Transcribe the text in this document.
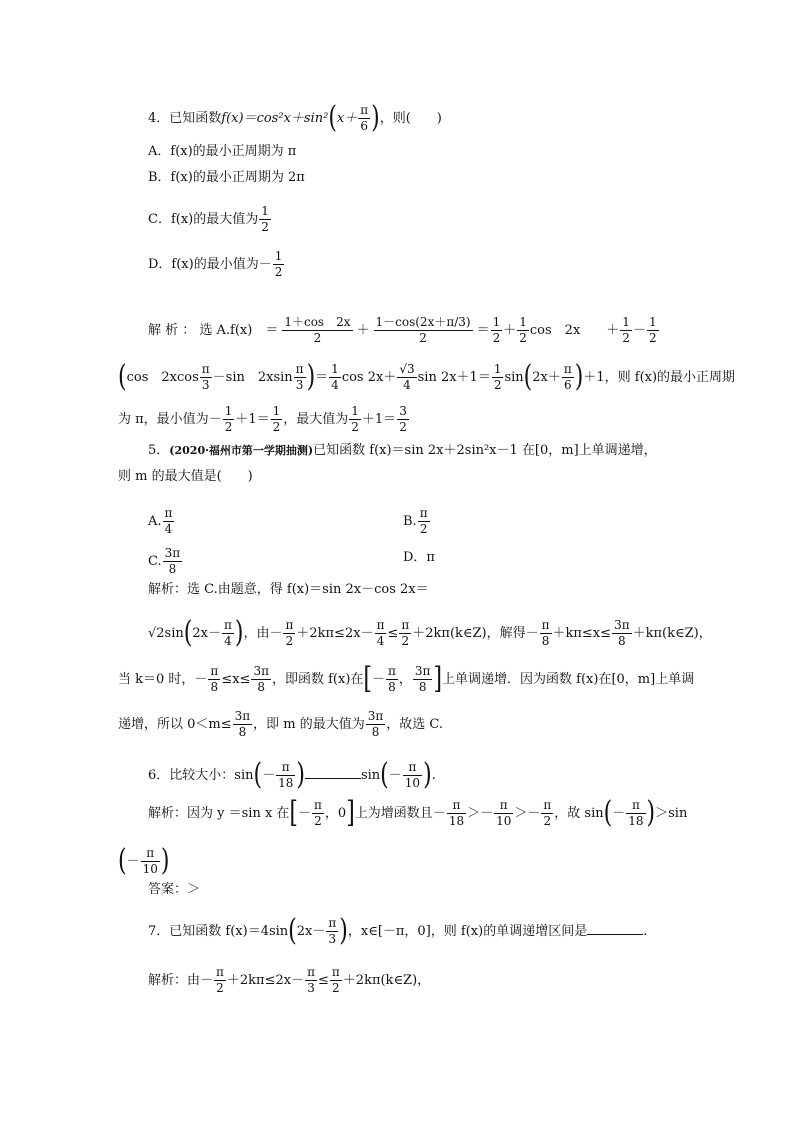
4．已知函数$f(x)=\cos^2x+\sin^2(x+ \frac{\pi}{6}$ )，则(　　)
A．f(x)的最小正周期为 π
B．f(x)的最小正周期为 2π
C．f(x)的最大值为 $\frac{1}{2}$
D．f(x)的最小值为－ $\frac{1}{2}$
解 析 ： 选 A.f(x)　＝ $\frac{1+\cos 2x}{2} + \frac{1-\cos(2x+\pi/3)}{2} = \frac{1}{2} + \frac{1}{2}$ cos　2x　　＋ $\frac{1}{2} - \frac{1}{2}$
(cos　$2xcos \frac{\pi}{3} -\sin$　$2xsin \frac{\pi}{3}$ )＝ $\frac{1}{4}$ $\cos 2x+ \frac{√3}{4}$ $\sin 2x+1= \frac{1}{2} \sin(2x+ \frac{\pi}{6} )+1$，则 f(x)的最小正周期
为 π，最小值为－ $\frac{1}{2} +1= \frac{1}{2}$ ，最大值为 $\frac{1}{2} +1= \frac{3}{2}$
5．(2020·福州市第一学期抽测)已知函数 f(x)＝sin 2x＋2sin²x－1 在[0，m]上单调递增，
则 m 的最大值是(　　)
A. $\frac{\pi}{4}$	B. $\frac{\pi}{2}$
C. $\frac{3\pi}{8}$	D．π
解析：选 C.由题意，得 f(x)＝sin 2x－cos 2x＝
$√2\sin(2x- \frac{\pi}{4}$ )，由－ $\frac{\pi}{2} +2k\pi\le 2x- \frac{\pi}{4} \le \frac{\pi}{2}$ ＋2kπ(k∈Z)，解得－ $\frac{\pi}{8} +k\pi\le x\le \frac{3\pi}{8}$ ＋kπ(k∈Z)，
当 k＝0 时，－ $\frac{\pi}{8} \le x\le \frac{3\pi}{8}$ ，即函数 f(x)在[－ $\frac{\pi}{8}$ ， $\frac{3\pi}{8}$ ]上单调递增．因为函数 f(x)在[0，m]上单调
递增，所以 $0<m\le \frac{3\pi}{8}$ ，即 m 的最大值为 $\frac{3\pi}{8}$ ，故选 C.
6．比较大小：$\sin(- \frac{\pi}{18}$ )	$\sin(- \frac{\pi}{10}$ ).
解析：因为 y ＝sin x 在[－ $\frac{\pi}{2}$ ，0]上为增函数且－ $\frac{\pi}{18} >- \frac{\pi}{10} >- \frac{\pi}{2}$ ，故 $\sin(- \frac{\pi}{18} )>\sin$
(－ $\frac{\pi}{10}$ )
答案：＞
7．已知函数 $f(x)=4\sin(2x- \frac{\pi}{3}$ )，x∈[－π，0]，则 f(x)的单调递增区间是	.
解析：由－ $\frac{\pi}{2} +2k\pi\le 2x- \frac{\pi}{3} \le \frac{\pi}{2}$ ＋2kπ(k∈Z)，
